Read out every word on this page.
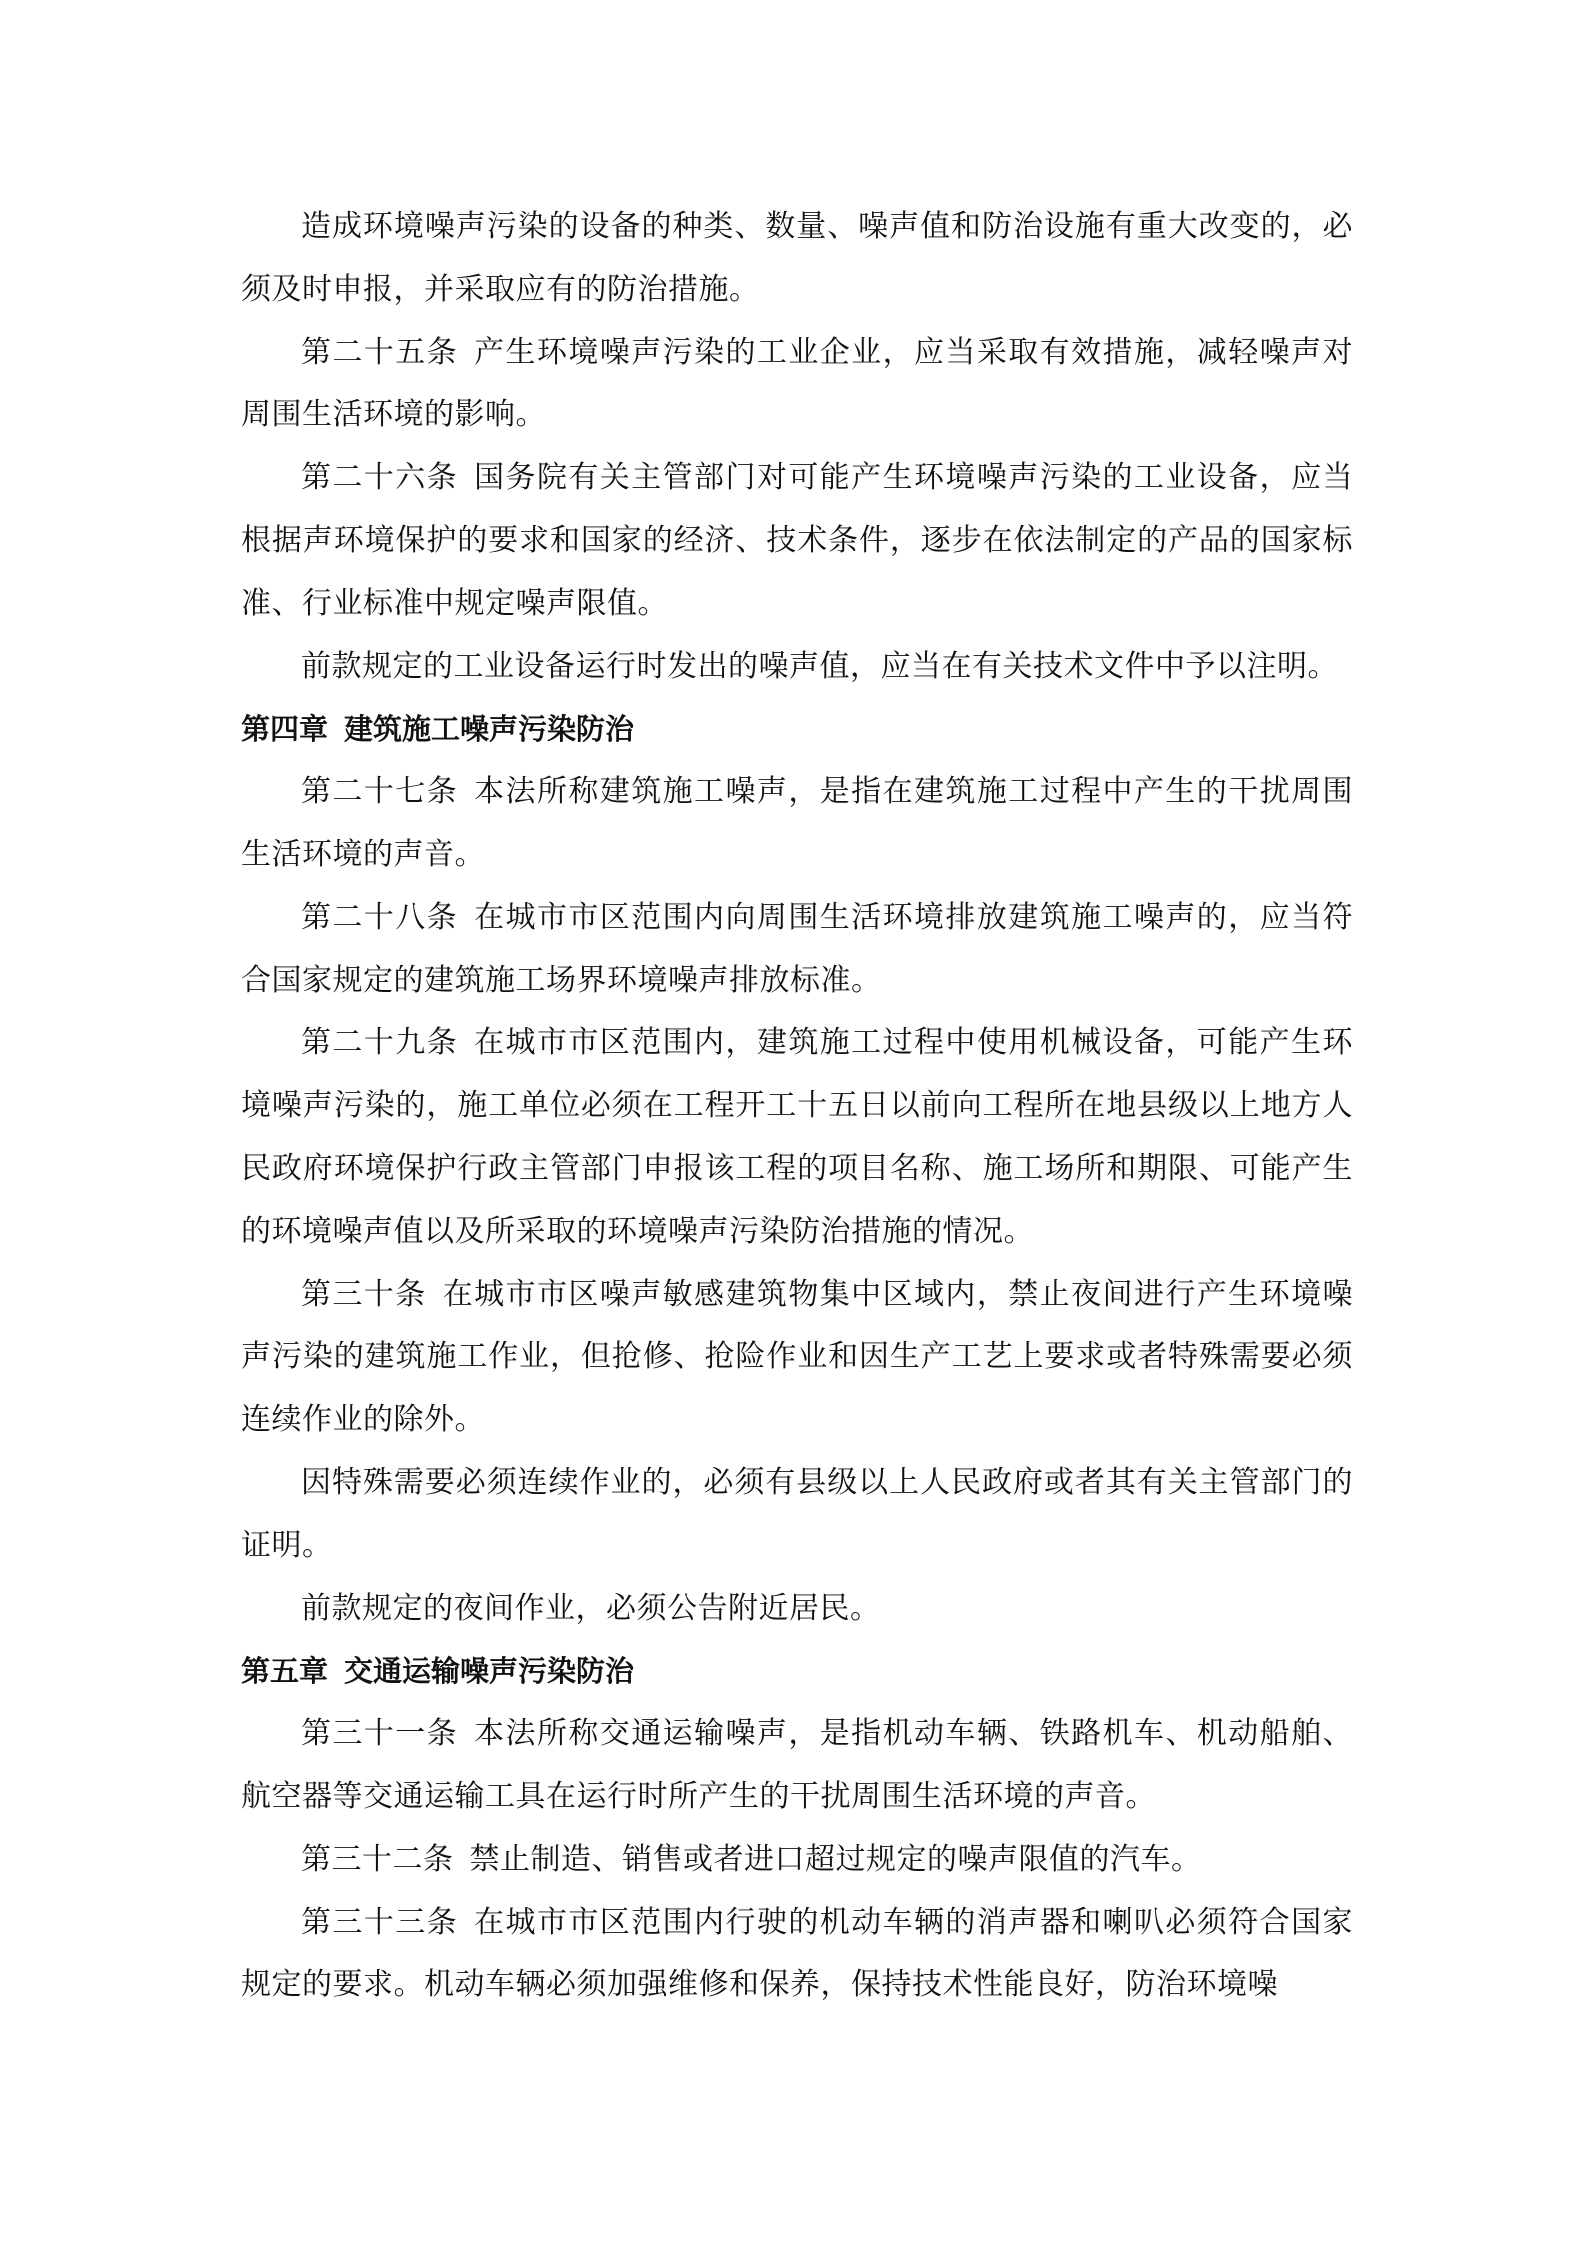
造成环境噪声污染的设备的种类、数量、噪声值和防治设施有重大改变的，必须及时申报，并采取应有的防治措施。

第二十五条 产生环境噪声污染的工业企业，应当采取有效措施，减轻噪声对周围生活环境的影响。

第二十六条 国务院有关主管部门对可能产生环境噪声污染的工业设备，应当根据声环境保护的要求和国家的经济、技术条件，逐步在依法制定的产品的国家标准、行业标准中规定噪声限值。

前款规定的工业设备运行时发出的噪声值，应当在有关技术文件中予以注明。

第四章 建筑施工噪声污染防治

第二十七条 本法所称建筑施工噪声，是指在建筑施工过程中产生的干扰周围生活环境的声音。

第二十八条 在城市市区范围内向周围生活环境排放建筑施工噪声的，应当符合国家规定的建筑施工场界环境噪声排放标准。

第二十九条 在城市市区范围内，建筑施工过程中使用机械设备，可能产生环境噪声污染的，施工单位必须在工程开工十五日以前向工程所在地县级以上地方人民政府环境保护行政主管部门申报该工程的项目名称、施工场所和期限、可能产生的环境噪声值以及所采取的环境噪声污染防治措施的情况。

第三十条 在城市市区噪声敏感建筑物集中区域内，禁止夜间进行产生环境噪声污染的建筑施工作业，但抢修、抢险作业和因生产工艺上要求或者特殊需要必须连续作业的除外。

因特殊需要必须连续作业的，必须有县级以上人民政府或者其有关主管部门的证明。

前款规定的夜间作业，必须公告附近居民。

第五章 交通运输噪声污染防治

第三十一条 本法所称交通运输噪声，是指机动车辆、铁路机车、机动船舶、航空器等交通运输工具在运行时所产生的干扰周围生活环境的声音。

第三十二条 禁止制造、销售或者进口超过规定的噪声限值的汽车。

第三十三条 在城市市区范围内行驶的机动车辆的消声器和喇叭必须符合国家规定的要求。机动车辆必须加强维修和保养，保持技术性能良好，防治环境噪
